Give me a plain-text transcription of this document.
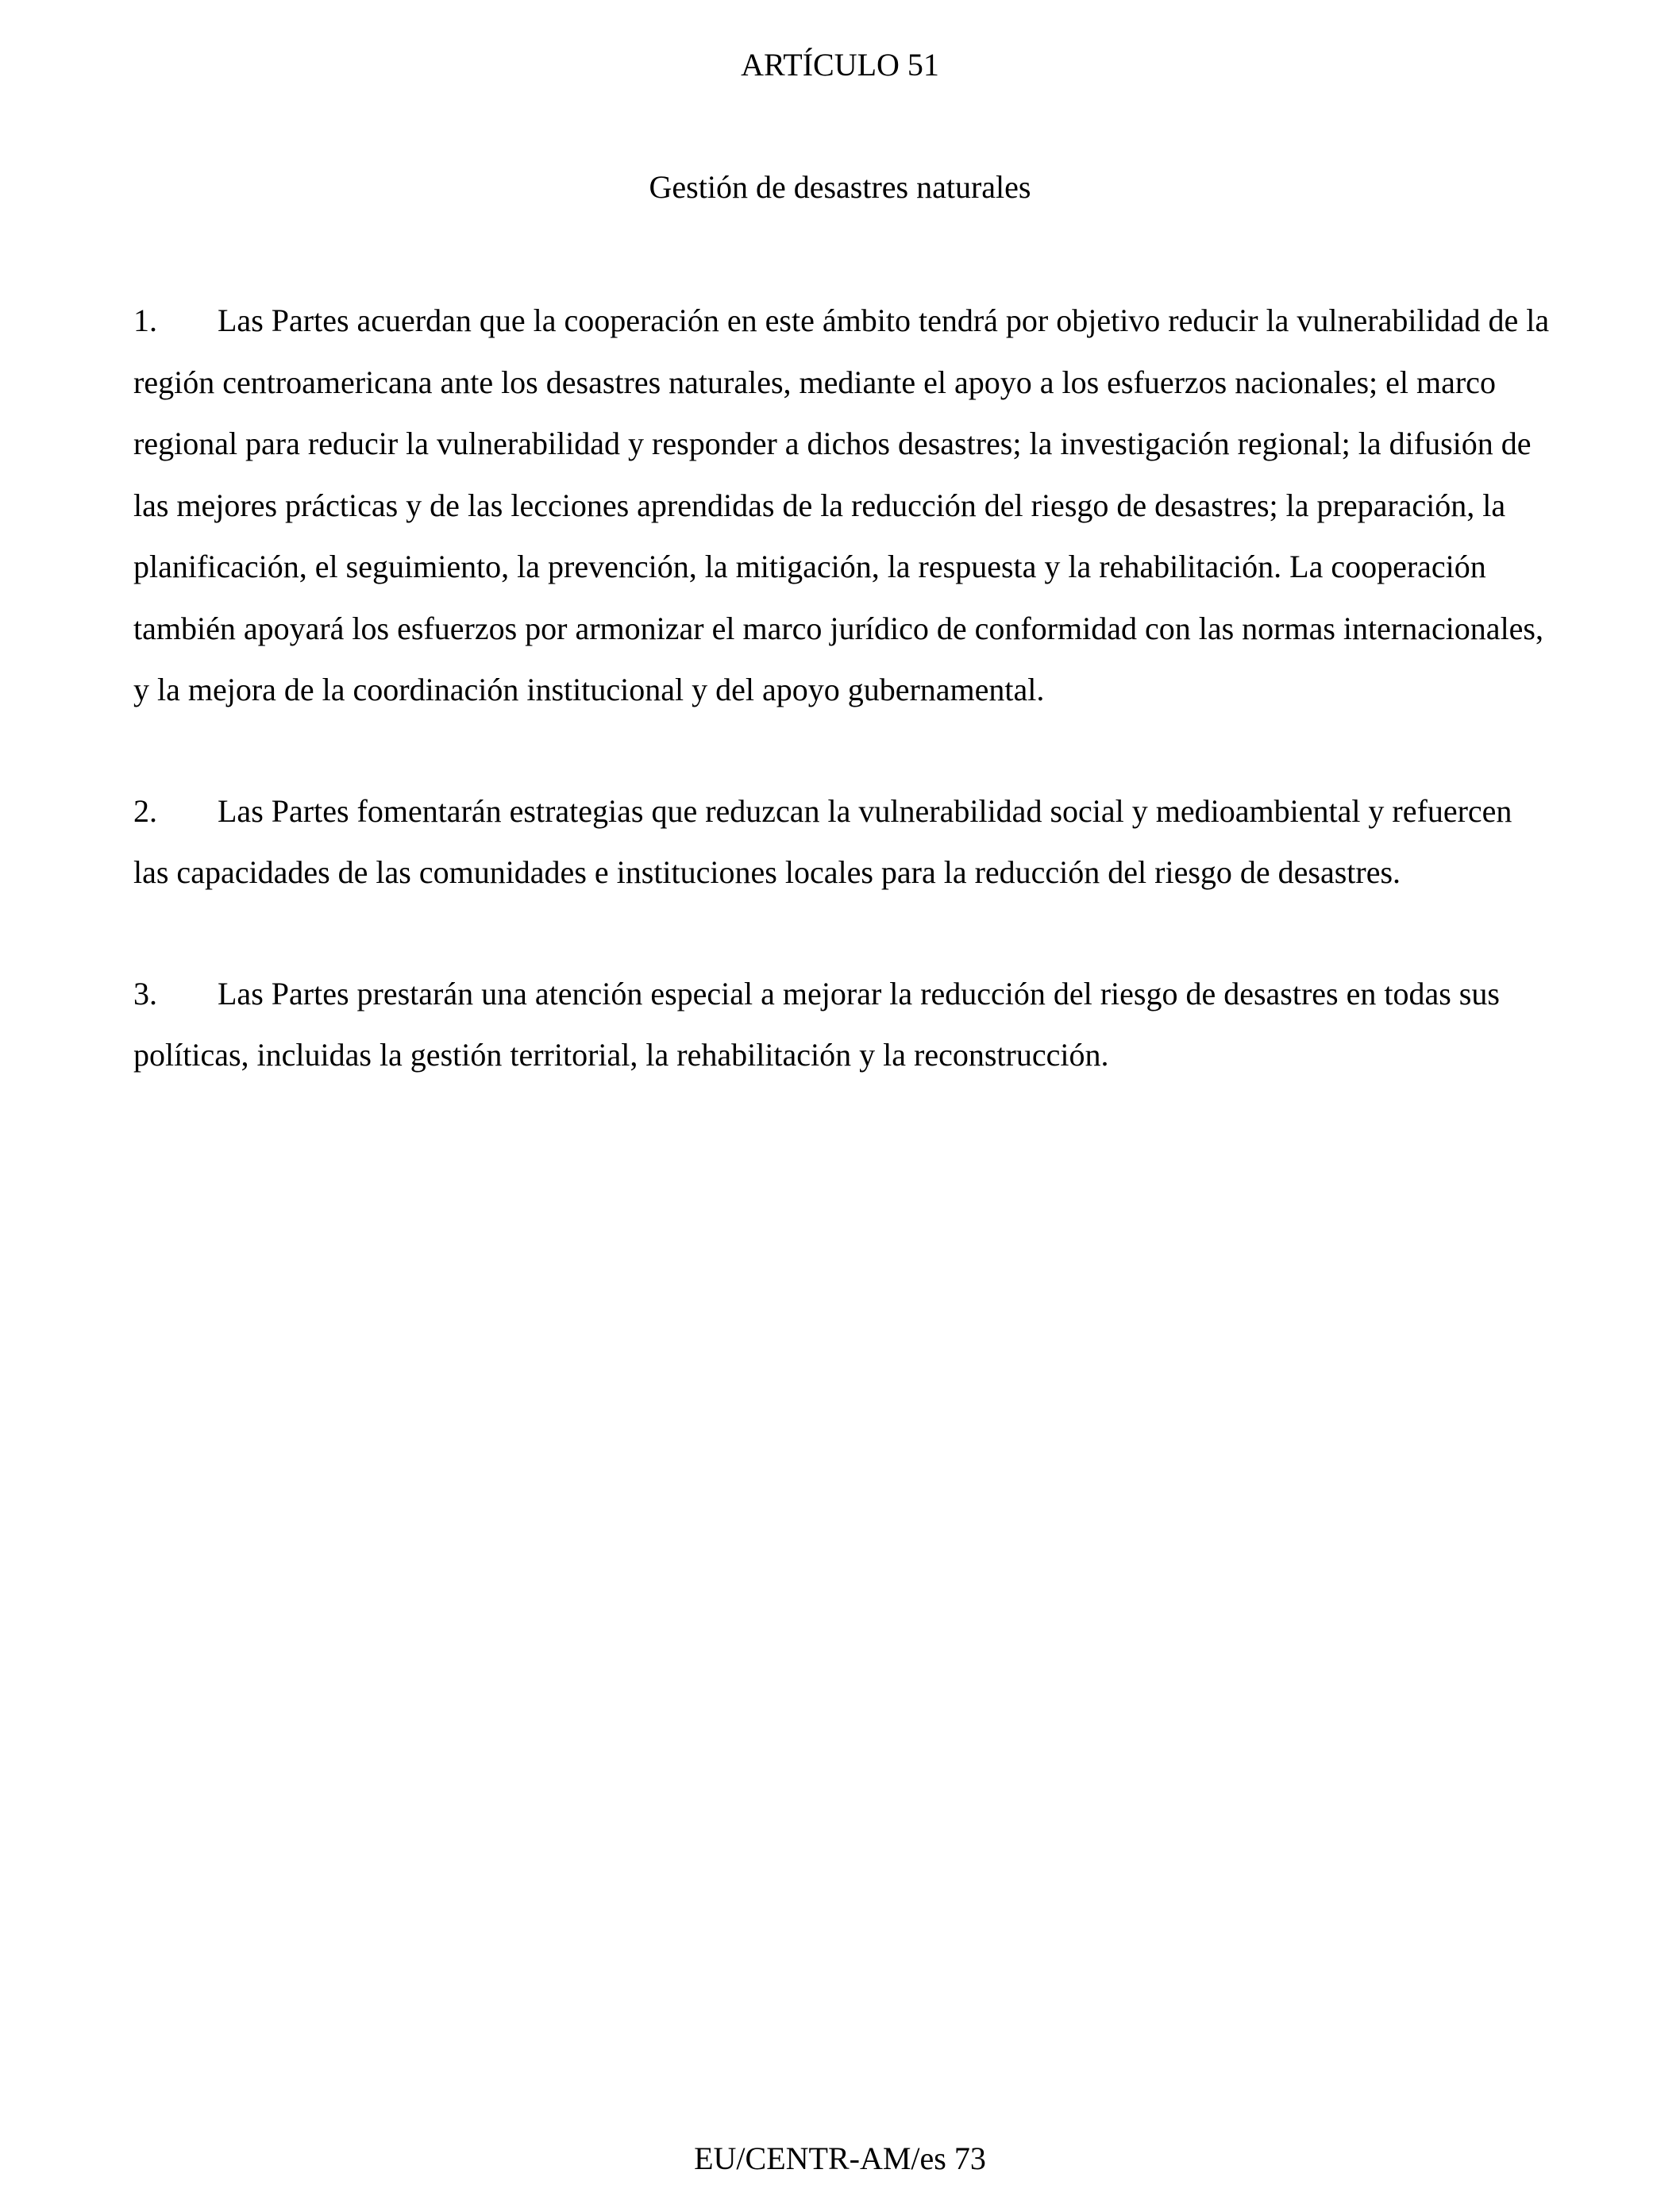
ARTÍCULO 51
Gestión de desastres naturales

1. Las Partes acuerdan que la cooperación en este ámbito tendrá por objetivo reducir la vulnerabilidad de la región centroamericana ante los desastres naturales, mediante el apoyo a los esfuerzos nacionales; el marco regional para reducir la vulnerabilidad y responder a dichos desastres; la investigación regional; la difusión de las mejores prácticas y de las lecciones aprendidas de la reducción del riesgo de desastres; la preparación, la planificación, el seguimiento, la prevención, la mitigación, la respuesta y la rehabilitación. La cooperación también apoyará los esfuerzos por armonizar el marco jurídico de conformidad con las normas internacionales, y la mejora de la coordinación institucional y del apoyo gubernamental.

2. Las Partes fomentarán estrategias que reduzcan la vulnerabilidad social y medioambiental y refuercen las capacidades de las comunidades e instituciones locales para la reducción del riesgo de desastres.

3. Las Partes prestarán una atención especial a mejorar la reducción del riesgo de desastres en todas sus políticas, incluidas la gestión territorial, la rehabilitación y la reconstrucción.

EU/CENTR-AM/es 73
